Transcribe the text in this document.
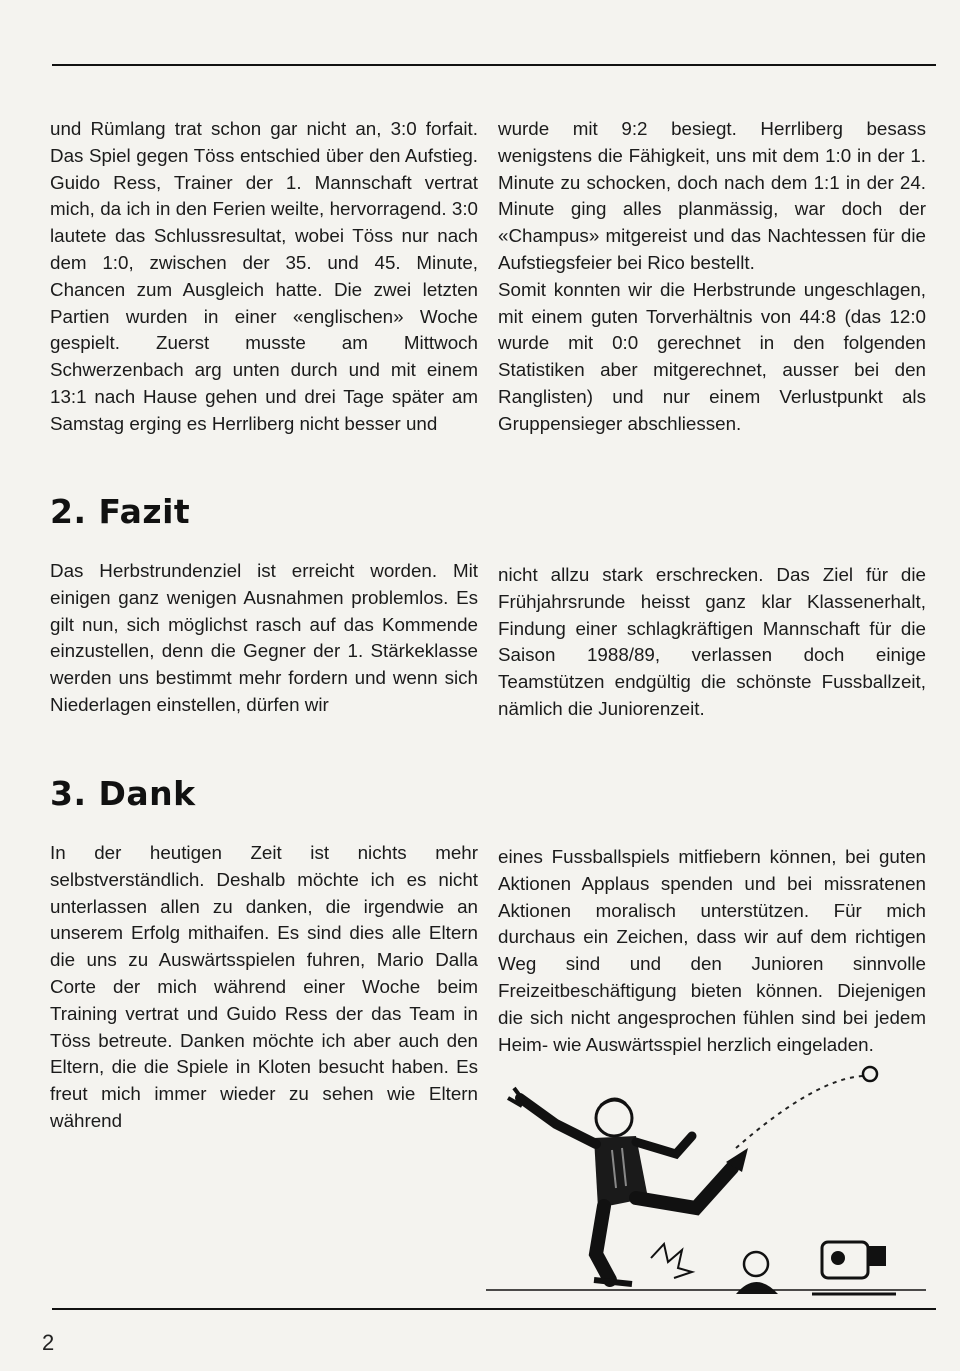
und Rümlang trat schon gar nicht an, 3:0 forfait. Das Spiel gegen Töss entschied über den Aufstieg. Guido Ress, Trainer der 1. Mannschaft vertrat mich, da ich in den Ferien weilte, hervorragend. 3:0 lautete das Schlussresultat, wobei Töss nur nach dem 1:0, zwischen der 35. und 45. Minute, Chancen zum Ausgleich hatte. Die zwei letzten Partien wurden in einer «englischen» Woche gespielt. Zuerst musste am Mittwoch Schwerzenbach arg unten durch und mit einem 13:1 nach Hause gehen und drei Tage später am Samstag erging es Herrliberg nicht besser und

wurde mit 9:2 besiegt. Herrliberg besass wenigstens die Fähigkeit, uns mit dem 1:0 in der 1. Minute zu schocken, doch nach dem 1:1 in der 24. Minute ging alles planmässig, war doch der «Champus» mitgereist und das Nachtessen für die Aufstiegsfeier bei Rico bestellt.

Somit konnten wir die Herbstrunde ungeschlagen, mit einem guten Torverhältnis von 44:8 (das 12:0 wurde mit 0:0 gerechnet in den folgenden Statistiken aber mitgerechnet, ausser bei den Ranglisten) und nur einem Verlustpunkt als Gruppensieger abschliessen.

2. Fazit

Das Herbstrundenziel ist erreicht worden. Mit einigen ganz wenigen Ausnahmen problemlos. Es gilt nun, sich möglichst rasch auf das Kommende einzustellen, denn die Gegner der 1. Stärkeklasse werden uns bestimmt mehr fordern und wenn sich Niederlagen einstellen, dürfen wir

nicht allzu stark erschrecken. Das Ziel für die Frühjahrsrunde heisst ganz klar Klassenerhalt, Findung einer schlagkräftigen Mannschaft für die Saison 1988/89, verlassen doch einige Teamstützen endgültig die schönste Fussballzeit, nämlich die Juniorenzeit.

3. Dank

In der heutigen Zeit ist nichts mehr selbstverständlich. Deshalb möchte ich es nicht unterlassen allen zu danken, die irgendwie an unserem Erfolg mithaifen. Es sind dies alle Eltern die uns zu Auswärtsspielen fuhren, Mario Dalla Corte der mich während einer Woche beim Training vertrat und Guido Ress der das Team in Töss betreute. Danken möchte ich aber auch den Eltern, die die Spiele in Kloten besucht haben. Es freut mich immer wieder zu sehen wie Eltern während

eines Fussballspiels mitfiebern können, bei guten Aktionen Applaus spenden und bei missratenen Aktionen moralisch unterstützen. Für mich durchaus ein Zeichen, dass wir auf dem richtigen Weg sind und den Junioren sinnvolle Freizeitbeschäftigung bieten können. Diejenigen die sich nicht angesprochen fühlen sind bei jedem Heim- wie Auswärtsspiel herzlich eingeladen.

2
